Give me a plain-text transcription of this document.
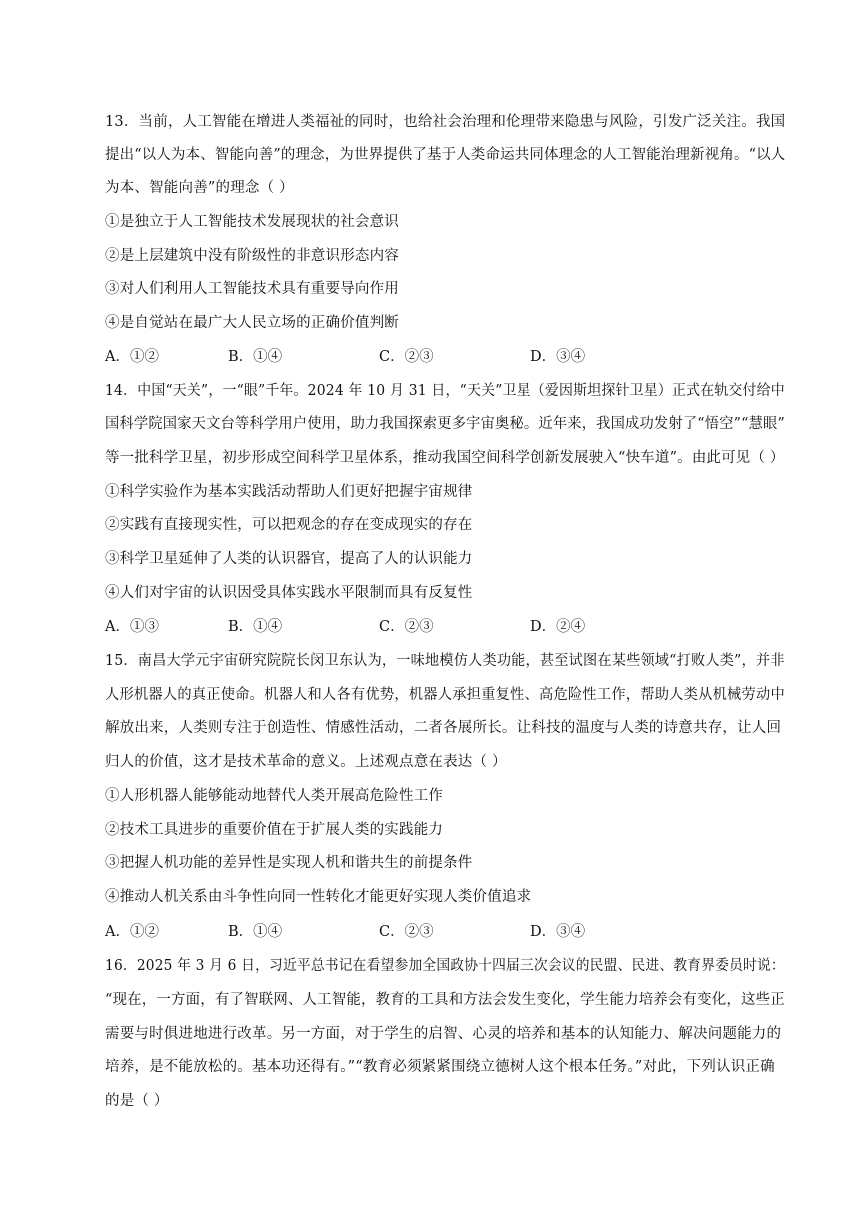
13．当前，人工智能在增进人类福祉的同时，也给社会治理和伦理带来隐患与风险，引发广泛关注。我国
提出“以人为本、智能向善”的理念，为世界提供了基于人类命运共同体理念的人工智能治理新视角。“以人
为本、智能向善”的理念（ ）
①是独立于人工智能技术发展现状的社会意识
②是上层建筑中没有阶级性的非意识形态内容
③对人们利用人工智能技术具有重要导向作用
④是自觉站在最广大人民立场的正确价值判断
A．①②	B．①④	C．②③	D．③④
14．中国“天关”，一“眼”千年。2024 年 10 月 31 日，“天关”卫星（爱因斯坦探针卫星）正式在轨交付给中
国科学院国家天文台等科学用户使用，助力我国探索更多宇宙奥秘。近年来，我国成功发射了“悟空”“慧眼”
等一批科学卫星，初步形成空间科学卫星体系，推动我国空间科学创新发展驶入“快车道”。由此可见（ ）
①科学实验作为基本实践活动帮助人们更好把握宇宙规律
②实践有直接现实性，可以把观念的存在变成现实的存在
③科学卫星延伸了人类的认识器官，提高了人的认识能力
④人们对宇宙的认识因受具体实践水平限制而具有反复性
A．①③	B．①④	C．②③	D．②④
15．南昌大学元宇宙研究院院长闵卫东认为，一味地模仿人类功能，甚至试图在某些领域“打败人类”，并非
人形机器人的真正使命。机器人和人各有优势，机器人承担重复性、高危险性工作，帮助人类从机械劳动中
解放出来，人类则专注于创造性、情感性活动，二者各展所长。让科技的温度与人类的诗意共存，让人回
归人的价值，这才是技术革命的意义。上述观点意在表达（ ）
①人形机器人能够能动地替代人类开展高危险性工作
②技术工具进步的重要价值在于扩展人类的实践能力
③把握人机功能的差异性是实现人机和谐共生的前提条件
④推动人机关系由斗争性向同一性转化才能更好实现人类价值追求
A．①②	B．①④	C．②③	D．③④
16．2025 年 3 月 6 日，习近平总书记在看望参加全国政协十四届三次会议的民盟、民进、教育界委员时说：
“现在，一方面，有了智联网、人工智能，教育的工具和方法会发生变化，学生能力培养会有变化，这些正
需要与时俱进地进行改革。另一方面，对于学生的启智、心灵的培养和基本的认知能力、解决问题能力的
培养，是不能放松的。基本功还得有。”“教育必须紧紧围绕立德树人这个根本任务。”对此，下列认识正确
的是（ ）
